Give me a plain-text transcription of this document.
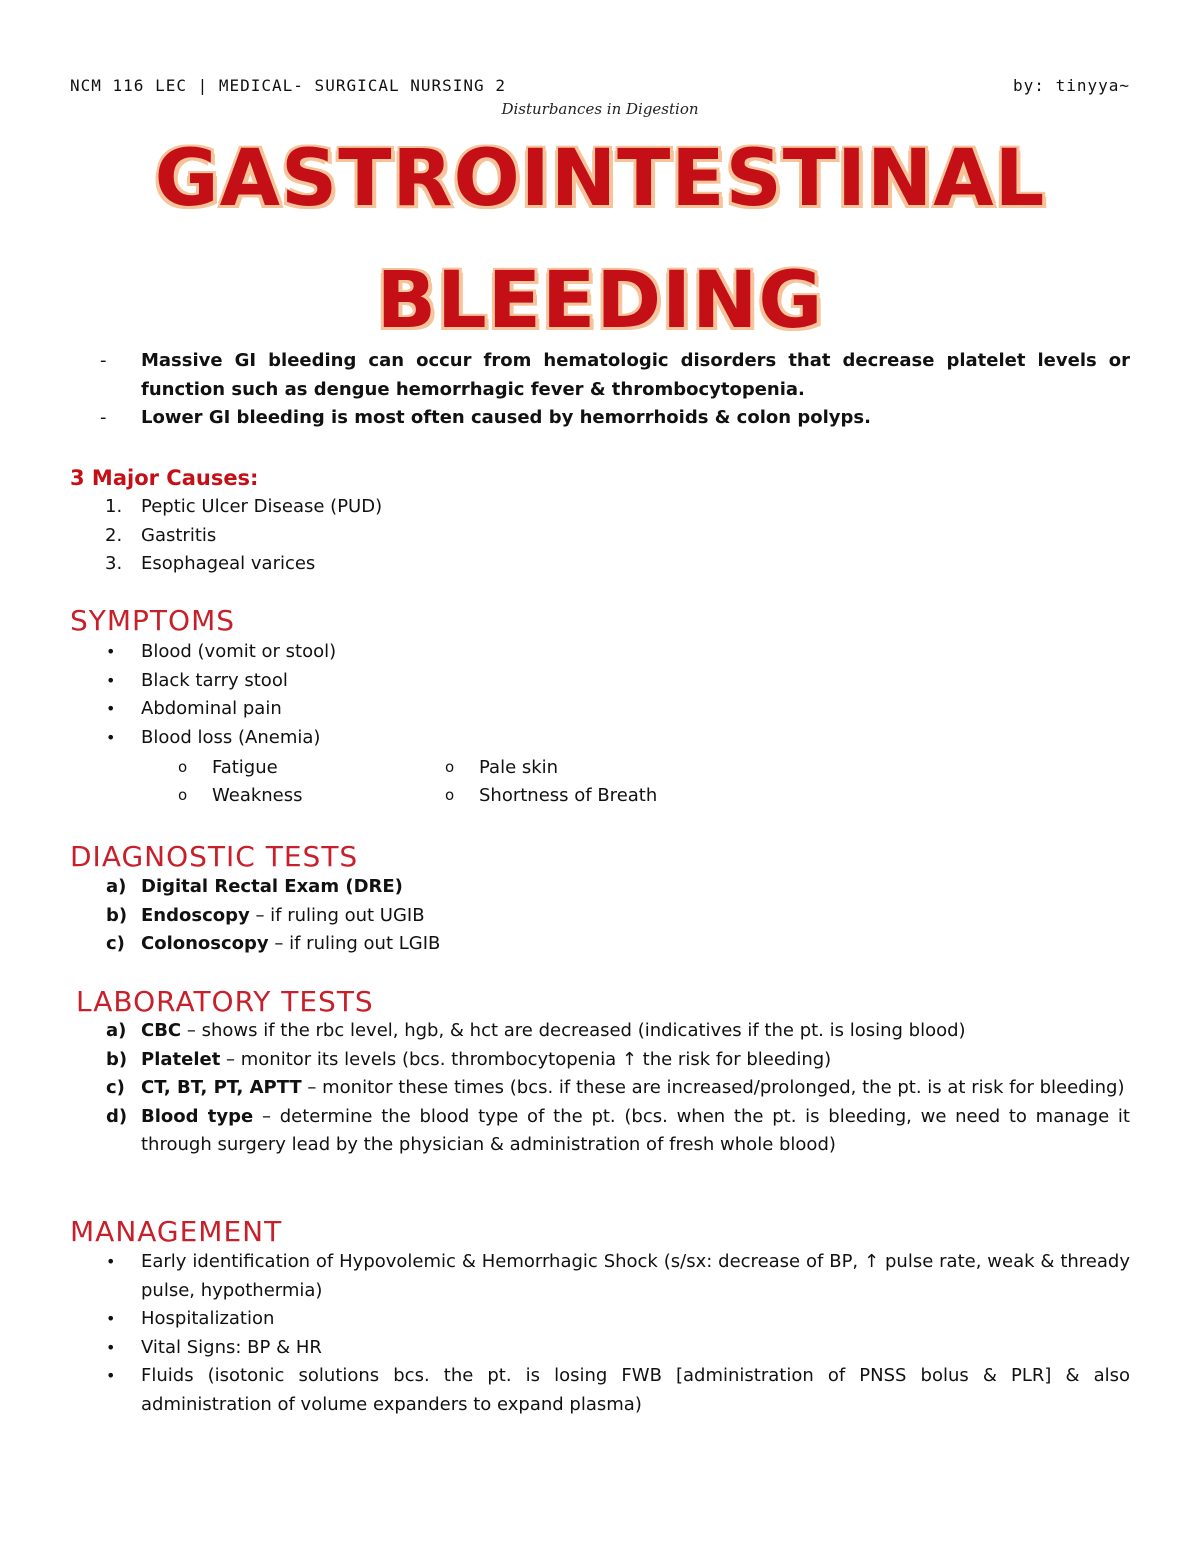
NCM 116 LEC | MEDICAL- SURGICAL NURSING 2	by: tinyya~
Disturbances in Digestion
GASTROINTESTINAL
BLEEDING
- Massive GI bleeding can occur from hematologic disorders that decrease platelet levels or function such as dengue hemorrhagic fever & thrombocytopenia.
- Lower GI bleeding is most often caused by hemorrhoids & colon polyps.
3 Major Causes:
1. Peptic Ulcer Disease (PUD)
2. Gastritis
3. Esophageal varices
SYMPTOMS
• Blood (vomit or stool)
• Black tarry stool
• Abdominal pain
• Blood loss (Anemia)
o Fatigue
o Weakness
o Pale skin
o Shortness of Breath
DIAGNOSTIC TESTS
a) Digital Rectal Exam (DRE)
b) Endoscopy – if ruling out UGIB
c) Colonoscopy – if ruling out LGIB
LABORATORY TESTS
a) CBC – shows if the rbc level, hgb, & hct are decreased (indicatives if the pt. is losing blood)
b) Platelet – monitor its levels (bcs. thrombocytopenia ↑ the risk for bleeding)
c) CT, BT, PT, APTT – monitor these times (bcs. if these are increased/prolonged, the pt. is at risk for bleeding)
d) Blood type – determine the blood type of the pt. (bcs. when the pt. is bleeding, we need to manage it through surgery lead by the physician & administration of fresh whole blood)
MANAGEMENT
• Early identification of Hypovolemic & Hemorrhagic Shock (s/sx: decrease of BP, ↑ pulse rate, weak & thready pulse, hypothermia)
• Hospitalization
• Vital Signs: BP & HR
• Fluids (isotonic solutions bcs. the pt. is losing FWB [administration of PNSS bolus & PLR] & also administration of volume expanders to expand plasma)
